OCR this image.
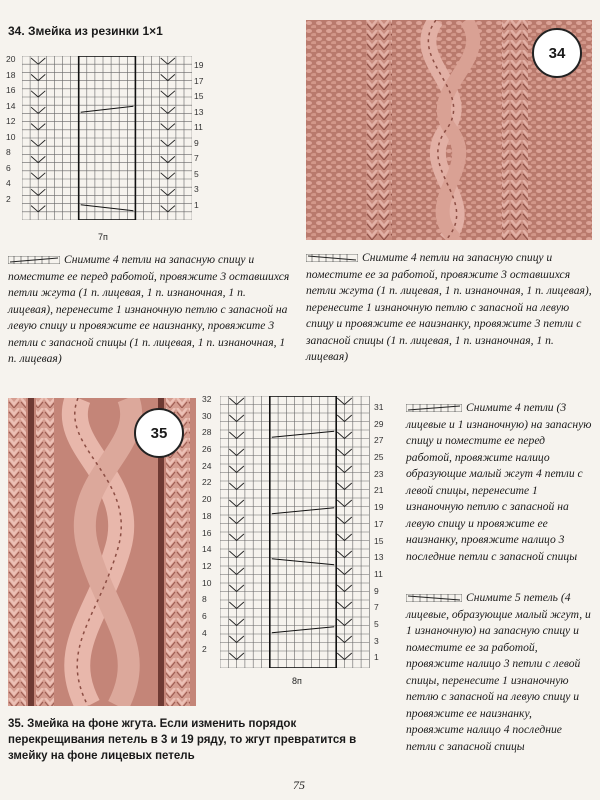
34. Змейка из резинки 1×1
20
18
16
14
12
10
8
6
4
2
19
17
15
13
11
9
7
5
3
1
7п
34
Снимите 4 петли на запасную спицу и поместите ее перед работой, провяжите 3 оставшихся петли жгута (1 п. лицевая, 1 п. изнаночная, 1 п. лицевая), перенесите 1 изнаночную петлю с запасной на левую спицу и провяжите ее наизнанку, провяжите 3 петли с запасной спицы (1 п. лицевая, 1 п. изнаночная, 1 п. лицевая)
Снимите 4 петли на запасную спицу и поместите ее за работой, провяжите 3 оставшихся петли жгута (1 п. лицевая, 1 п. изнаночная, 1 п. лицевая), перенесите 1 изнаночную петлю с запасной на левую спицу и провяжите ее наизнанку, провяжите 3 петли с запасной спицы (1 п. лицевая, 1 п. изнаночная, 1 п. лицевая)
35
32
30
28
26
24
22
20
18
16
14
12
10
8
6
4
2
31
29
27
25
23
21
19
17
15
13
11
9
7
5
3
1
8п
Снимите 4 петли (3 лицевые и 1 изнаночную) на запасную спицу и поместите ее перед работой, провяжите налицо образующие малый жгут 4 петли с левой спицы, перенесите 1 изнаночную петлю с запасной на левую спицу и провяжите ее наизнанку, провяжите налицо 3 последние петли с запасной спицы
Снимите 5 петель (4 лицевые, образующие малый жгут, и 1 изнаночную) на запасную спицу и поместите ее за работой, провяжите налицо 3 петли с левой спицы, перенесите 1 изнаночную петлю с запасной на левую спицу и провяжите ее наизнанку, провяжите налицо 4 последние петли с запасной спицы
35. Змейка на фоне жгута. Если изменить порядок перекрещивания петель в 3 и 19 ряду, то жгут превратится в змейку на фоне лицевых петель
75
